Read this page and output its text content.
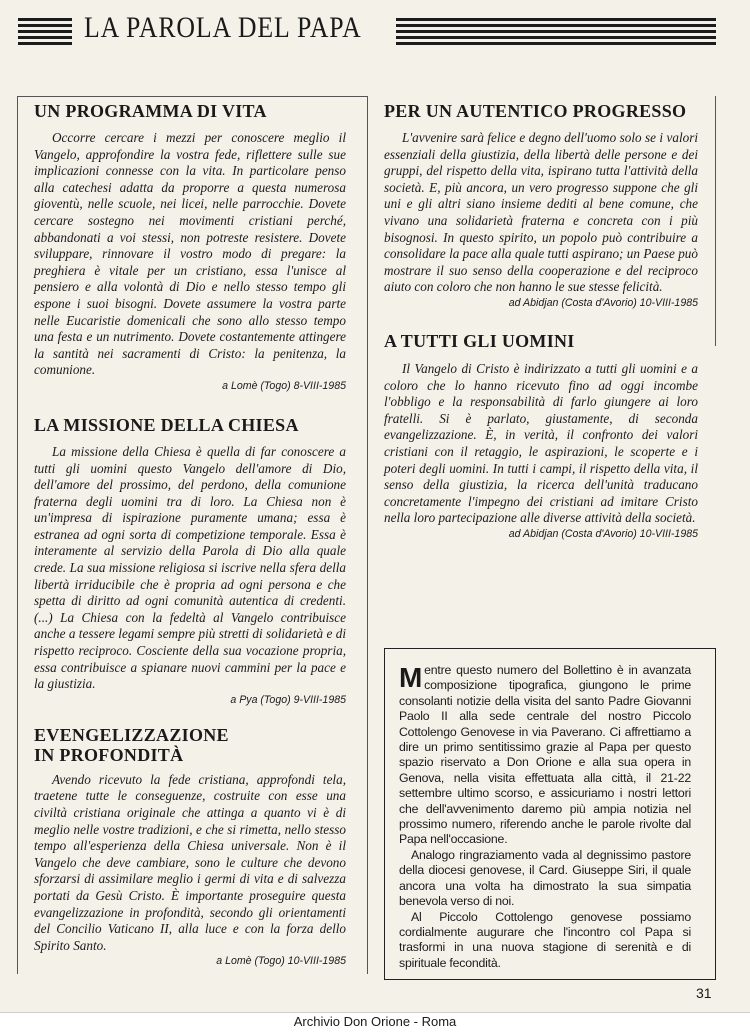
LA PAROLA DEL PAPA
UN PROGRAMMA DI VITA

Occorre cercare i mezzi per conoscere meglio il Vangelo, approfondire la vostra fede, riflettere sulle sue implicazioni connesse con la vita. In particolare penso alla catechesi adatta da proporre a questa numerosa gioventù, nelle scuole, nei licei, nelle parrocchie. Dovete cercare sostegno nei movimenti cristiani perché, abbandonati a voi stessi, non potreste resistere. Dovete sviluppare, rinnovare il vostro modo di pregare: la preghiera è vitale per un cristiano, essa l'unisce al pensiero e alla volontà di Dio e nello stesso tempo gli espone i suoi bisogni. Dovete assumere la vostra parte nelle Eucaristie domenicali che sono allo stesso tempo una festa e un nutrimento. Dovete costantemente attingere la santità nei sacramenti di Cristo: la penitenza, la comunione.

a Lomè (Togo) 8-VIII-1985
LA MISSIONE DELLA CHIESA

La missione della Chiesa è quella di far conoscere a tutti gli uomini questo Vangelo dell'amore di Dio, dell'amore del prossimo, del perdono, della comunione fraterna degli uomini tra di loro. La Chiesa non è un'impresa di ispirazione puramente umana; essa è estranea ad ogni sorta di competizione temporale. Essa è interamente al servizio della Parola di Dio alla quale crede. La sua missione religiosa si iscrive nella sfera della libertà irriducibile che è propria ad ogni persona e che spetta di diritto ad ogni comunità autentica di credenti. (...) La Chiesa con la fedeltà al Vangelo contribuisce anche a tessere legami sempre più stretti di solidarietà e di rispetto reciproco. Cosciente della sua vocazione propria, essa contribuisce a spianare nuovi cammini per la pace e la giustizia.

a Pya (Togo) 9-VIII-1985
EVENGELIZZAZIONE
IN PROFONDITÀ

Avendo ricevuto la fede cristiana, approfondi tela, traetene tutte le conseguenze, costruite con esse una civiltà cristiana originale che attinga a quanto vi è di meglio nelle vostre tradizioni, e che si rimetta, nello stesso tempo all'esperienza della Chiesa universale. Non è il Vangelo che deve cambiare, sono le culture che devono sforzarsi di assimilare meglio i germi di vita e di salvezza portati da Gesù Cristo. È importante proseguire questa evangelizzazione in profondità, secondo gli orientamenti del Concilio Vaticano II, alla luce e con la forza dello Spirito Santo.

a Lomè (Togo) 10-VIII-1985
PER UN AUTENTICO PROGRESSO

L'avvenire sarà felice e degno dell'uomo solo se i valori essenziali della giustizia, della libertà delle persone e dei gruppi, del rispetto della vita, ispirano tutta l'attività della società. E, più ancora, un vero progresso suppone che gli uni e gli altri siano insieme dediti al bene comune, che vivano una solidarietà fraterna e concreta con i più bisognosi. In questo spirito, un popolo può contribuire a consolidare la pace alla quale tutti aspirano; un Paese può mostrare il suo senso della cooperazione e del reciproco aiuto con coloro che non hanno le sue stesse felicità.

ad Abidjan (Costa d'Avorio) 10-VIII-1985
A TUTTI GLI UOMINI

Il Vangelo di Cristo è indirizzato a tutti gli uomini e a coloro che lo hanno ricevuto fino ad oggi incombe l'obbligo e la responsabilità di farlo giungere ai loro fratelli. Si è parlato, giustamente, di seconda evangelizzazione. È, in verità, il confronto dei valori cristiani con il retaggio, le aspirazioni, le scoperte e i poteri degli uomini. In tutti i campi, il rispetto della vita, il senso della giustizia, la ricerca dell'unità traducano concretamente l'impegno dei cristiani ad imitare Cristo nella loro partecipazione alle diverse attività della società.

ad Abidjan (Costa d'Avorio) 10-VIII-1985

Mentre questo numero del Bollettino è in avanzata composizione tipografica, giungono le prime consolanti notizie della visita del santo Padre Giovanni Paolo II alla sede centrale del nostro Piccolo Cottolengo Genovese in via Paverano. Ci affrettiamo a dire un primo sentitissimo grazie al Papa per questo spazio riservato a Don Orione e alla sua opera in Genova, nella visita effettuata alla città, il 21-22 settembre ultimo scorso, e assicuriamo i nostri lettori che dell'avvenimento daremo più ampia notizia nel prossimo numero, riferendo anche le parole rivolte dal Papa nell'occasione.

Analogo ringraziamento vada al degnissimo pastore della diocesi genovese, il Card. Giuseppe Siri, il quale ancora una volta ha dimostrato la sua simpatia benevola verso di noi.

Al Piccolo Cottolengo genovese possiamo cordialmente augurare che l'incontro col Papa si trasformi in una nuova stagione di serenità e di spirituale fecondità.

31
Archivio Don Orione - Roma
